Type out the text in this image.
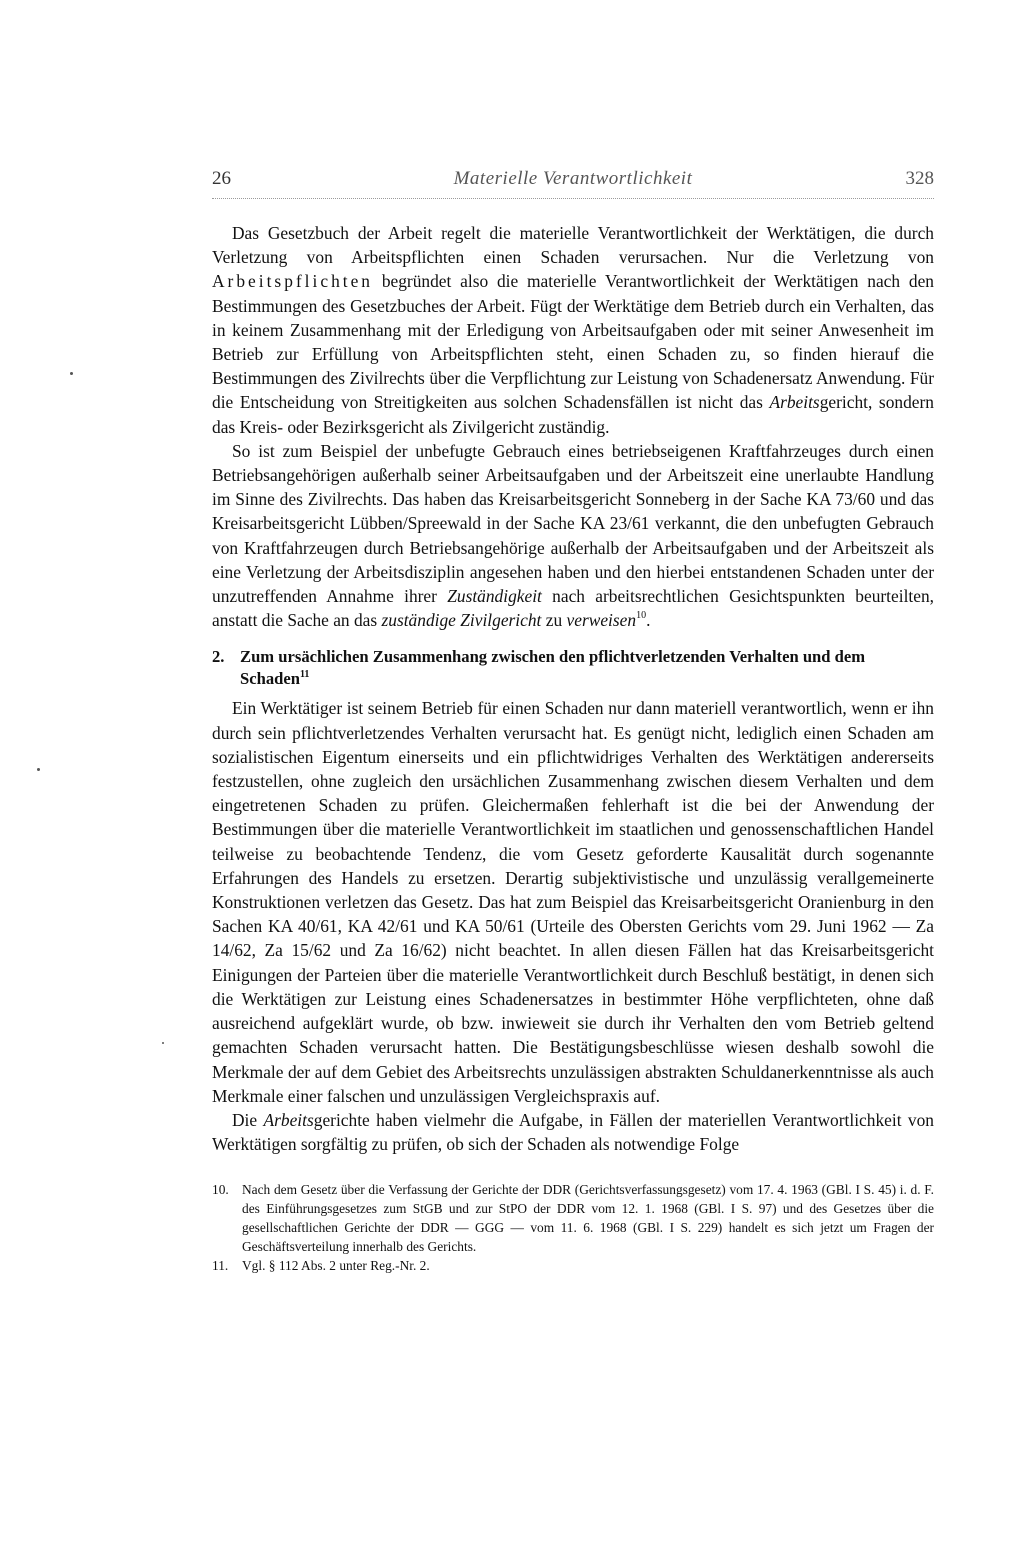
26	Materielle Verantwortlichkeit	328

Das Gesetzbuch der Arbeit regelt die materielle Verantwortlichkeit der Werktätigen, die durch Verletzung von Arbeitspflichten einen Schaden verursachen. Nur die Verletzung von Arbeitspflichten begründet also die materielle Verantwortlichkeit der Werktätigen nach den Bestimmungen des Gesetzbuches der Arbeit. Fügt der Werktätige dem Betrieb durch ein Verhalten, das in keinem Zusammenhang mit der Erledigung von Arbeitsaufgaben oder mit seiner Anwesenheit im Betrieb zur Erfüllung von Arbeitspflichten steht, einen Schaden zu, so finden hierauf die Bestimmungen des Zivilrechts über die Verpflichtung zur Leistung von Schadenersatz Anwendung. Für die Entscheidung von Streitigkeiten aus solchen Schadensfällen ist nicht das Arbeitsgericht, sondern das Kreis- oder Bezirksgericht als Zivilgericht zuständig.

So ist zum Beispiel der unbefugte Gebrauch eines betriebseigenen Kraftfahrzeuges durch einen Betriebsangehörigen außerhalb seiner Arbeitsaufgaben und der Arbeitszeit eine unerlaubte Handlung im Sinne des Zivilrechts. Das haben das Kreisarbeitsgericht Sonneberg in der Sache KA 73/60 und das Kreisarbeitsgericht Lübben/Spreewald in der Sache KA 23/61 verkannt, die den unbefugten Gebrauch von Kraftfahrzeugen durch Betriebsangehörige außerhalb der Arbeitsaufgaben und der Arbeitszeit als eine Verletzung der Arbeitsdisziplin angesehen haben und den hierbei entstandenen Schaden unter der unzutreffenden Annahme ihrer Zuständigkeit nach arbeitsrechtlichen Gesichtspunkten beurteilten, anstatt die Sache an das zuständige Zivilgericht zu verweisen$^{10}$.

2. Zum ursächlichen Zusammenhang zwischen den pflichtverletzenden Verhalten und dem Schaden$^{11}$

Ein Werktätiger ist seinem Betrieb für einen Schaden nur dann materiell verantwortlich, wenn er ihn durch sein pflichtverletzendes Verhalten verursacht hat. Es genügt nicht, lediglich einen Schaden am sozialistischen Eigentum einerseits und ein pflichtwidriges Verhalten des Werktätigen andererseits festzustellen, ohne zugleich den ursächlichen Zusammenhang zwischen diesem Verhalten und dem eingetretenen Schaden zu prüfen. Gleichermaßen fehlerhaft ist die bei der Anwendung der Bestimmungen über die materielle Verantwortlichkeit im staatlichen und genossenschaftlichen Handel teilweise zu beobachtende Tendenz, die vom Gesetz geforderte Kausalität durch sogenannte Erfahrungen des Handels zu ersetzen. Derartig subjektivistische und unzulässig verallgemeinerte Konstruktionen verletzen das Gesetz. Das hat zum Beispiel das Kreisarbeitsgericht Oranienburg in den Sachen KA 40/61, KA 42/61 und KA 50/61 (Urteile des Obersten Gerichts vom 29. Juni 1962 — Za 14/62, Za 15/62 und Za 16/62) nicht beachtet. In allen diesen Fällen hat das Kreisarbeitsgericht Einigungen der Parteien über die materielle Verantwortlichkeit durch Beschluß bestätigt, in denen sich die Werktätigen zur Leistung eines Schadenersatzes in bestimmter Höhe verpflichteten, ohne daß ausreichend aufgeklärt wurde, ob bzw. inwieweit sie durch ihr Verhalten den vom Betrieb geltend gemachten Schaden verursacht hatten. Die Bestätigungsbeschlüsse wiesen deshalb sowohl die Merkmale der auf dem Gebiet des Arbeitsrechts unzulässigen abstrakten Schuldanerkenntnisse als auch Merkmale einer falschen und unzulässigen Vergleichspraxis auf.

Die Arbeitsgerichte haben vielmehr die Aufgabe, in Fällen der materiellen Verantwortlichkeit von Werktätigen sorgfältig zu prüfen, ob sich der Schaden als notwendige Folge

10. Nach dem Gesetz über die Verfassung der Gerichte der DDR (Gerichtsverfassungsgesetz) vom 17. 4. 1963 (GBl. I S. 45) i. d. F. des Einführungsgesetzes zum StGB und zur StPO der DDR vom 12. 1. 1968 (GBl. I S. 97) und des Gesetzes über die gesellschaftlichen Gerichte der DDR — GGG — vom 11. 6. 1968 (GBl. I S. 229) handelt es sich jetzt um Fragen der Geschäftsverteilung innerhalb des Gerichts.
11.	Vgl. § 112 Abs. 2 unter Reg.-Nr. 2.
